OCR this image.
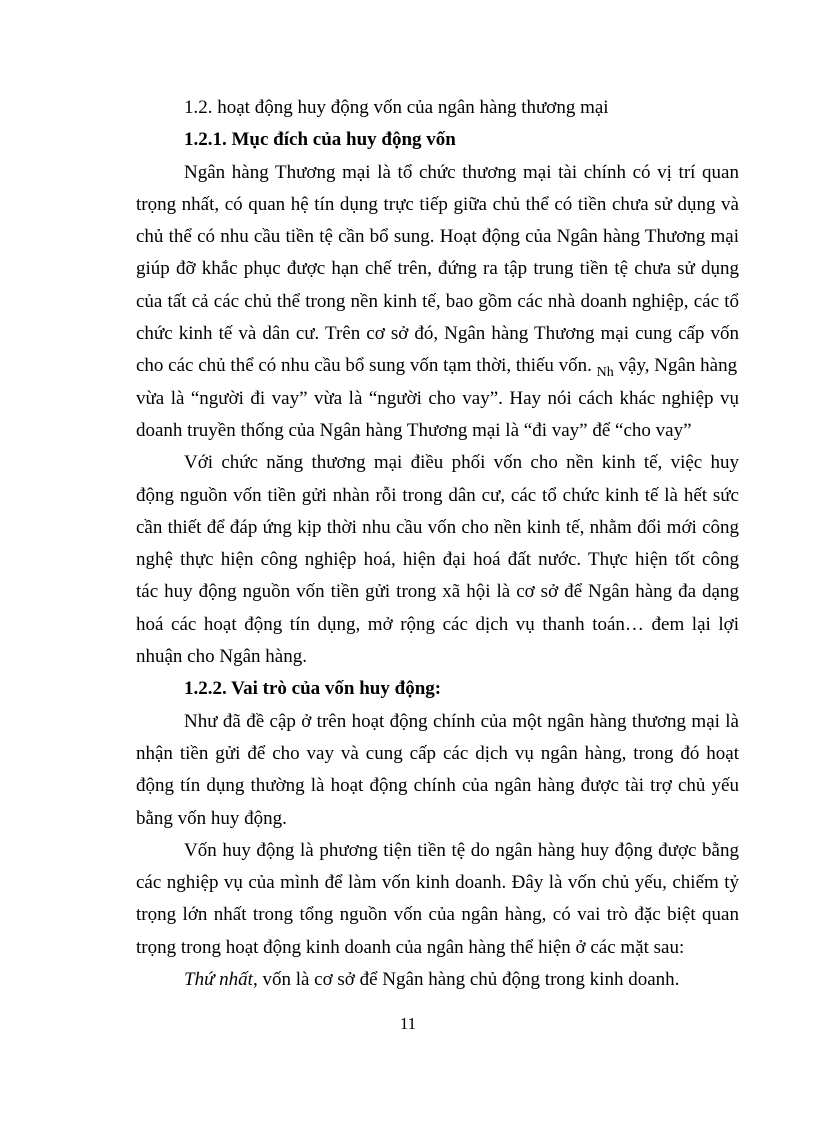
1.2. hoạt động huy động vốn của ngân hàng thương mại
1.2.1. Mục đích của huy động vốn
Ngân hàng Thương mại là tổ chức thương mại tài chính có vị trí quan
trọng nhất, có quan hệ tín dụng trực tiếp giữa chủ thể có tiền chưa sử dụng và
chủ thể có nhu cầu tiền tệ cần bổ sung. Hoạt động của Ngân hàng Thương mại
giúp đỡ khắc phục được hạn chế trên, đứng ra tập trung tiền tệ chưa sử dụng
của tất cả các chủ thể trong nền kinh tế, bao gồm các nhà doanh nghiệp, các tổ
chức kinh tế và dân cư. Trên cơ sở đó, Ngân hàng Thương mại cung cấp vốn
cho các chủ thể có nhu cầu bổ sung vốn tạm thời, thiếu vốn. $_{Nh}$ vậy, Ngân hàng
vừa là “người đi vay” vừa là “người cho vay”. Hay nói cách khác nghiệp vụ
doanh truyền thống của Ngân hàng Thương mại là “đi vay” để “cho vay”
Với chức năng thương mại điều phối vốn cho nền kinh tế, việc huy
động nguồn vốn tiền gửi nhàn rỗi trong dân cư, các tổ chức kinh tế là hết sức
cần thiết để đáp ứng kịp thời nhu cầu vốn cho nền kinh tế, nhằm đổi mới công
nghệ thực hiện công nghiệp hoá, hiện đại hoá đất nước. Thực hiện tốt công
tác huy động nguồn vốn tiền gửi trong xã hội là cơ sở để Ngân hàng đa dạng
hoá các hoạt động tín dụng, mở rộng các dịch vụ thanh toán… đem lại lợi
nhuận cho Ngân hàng.
1.2.2. Vai trò của vốn huy động:
Như đã đề cập ở trên hoạt động chính của một ngân hàng thương mại là
nhận tiền gửi để cho vay và cung cấp các dịch vụ ngân hàng, trong đó hoạt
động tín dụng thường là hoạt động chính của ngân hàng được tài trợ chủ yếu
bằng vốn huy động.
Vốn huy động là phương tiện tiền tệ do ngân hàng huy động được bằng
các nghiệp vụ của mình để làm vốn kinh doanh. Đây là vốn chủ yếu, chiếm tỷ
trọng lớn nhất trong tổng nguồn vốn của ngân hàng, có vai trò đặc biệt quan
trọng trong hoạt động kinh doanh của ngân hàng thể hiện ở các mặt sau:
Thứ nhất, vốn là cơ sở để Ngân hàng chủ động trong kinh doanh.
11
